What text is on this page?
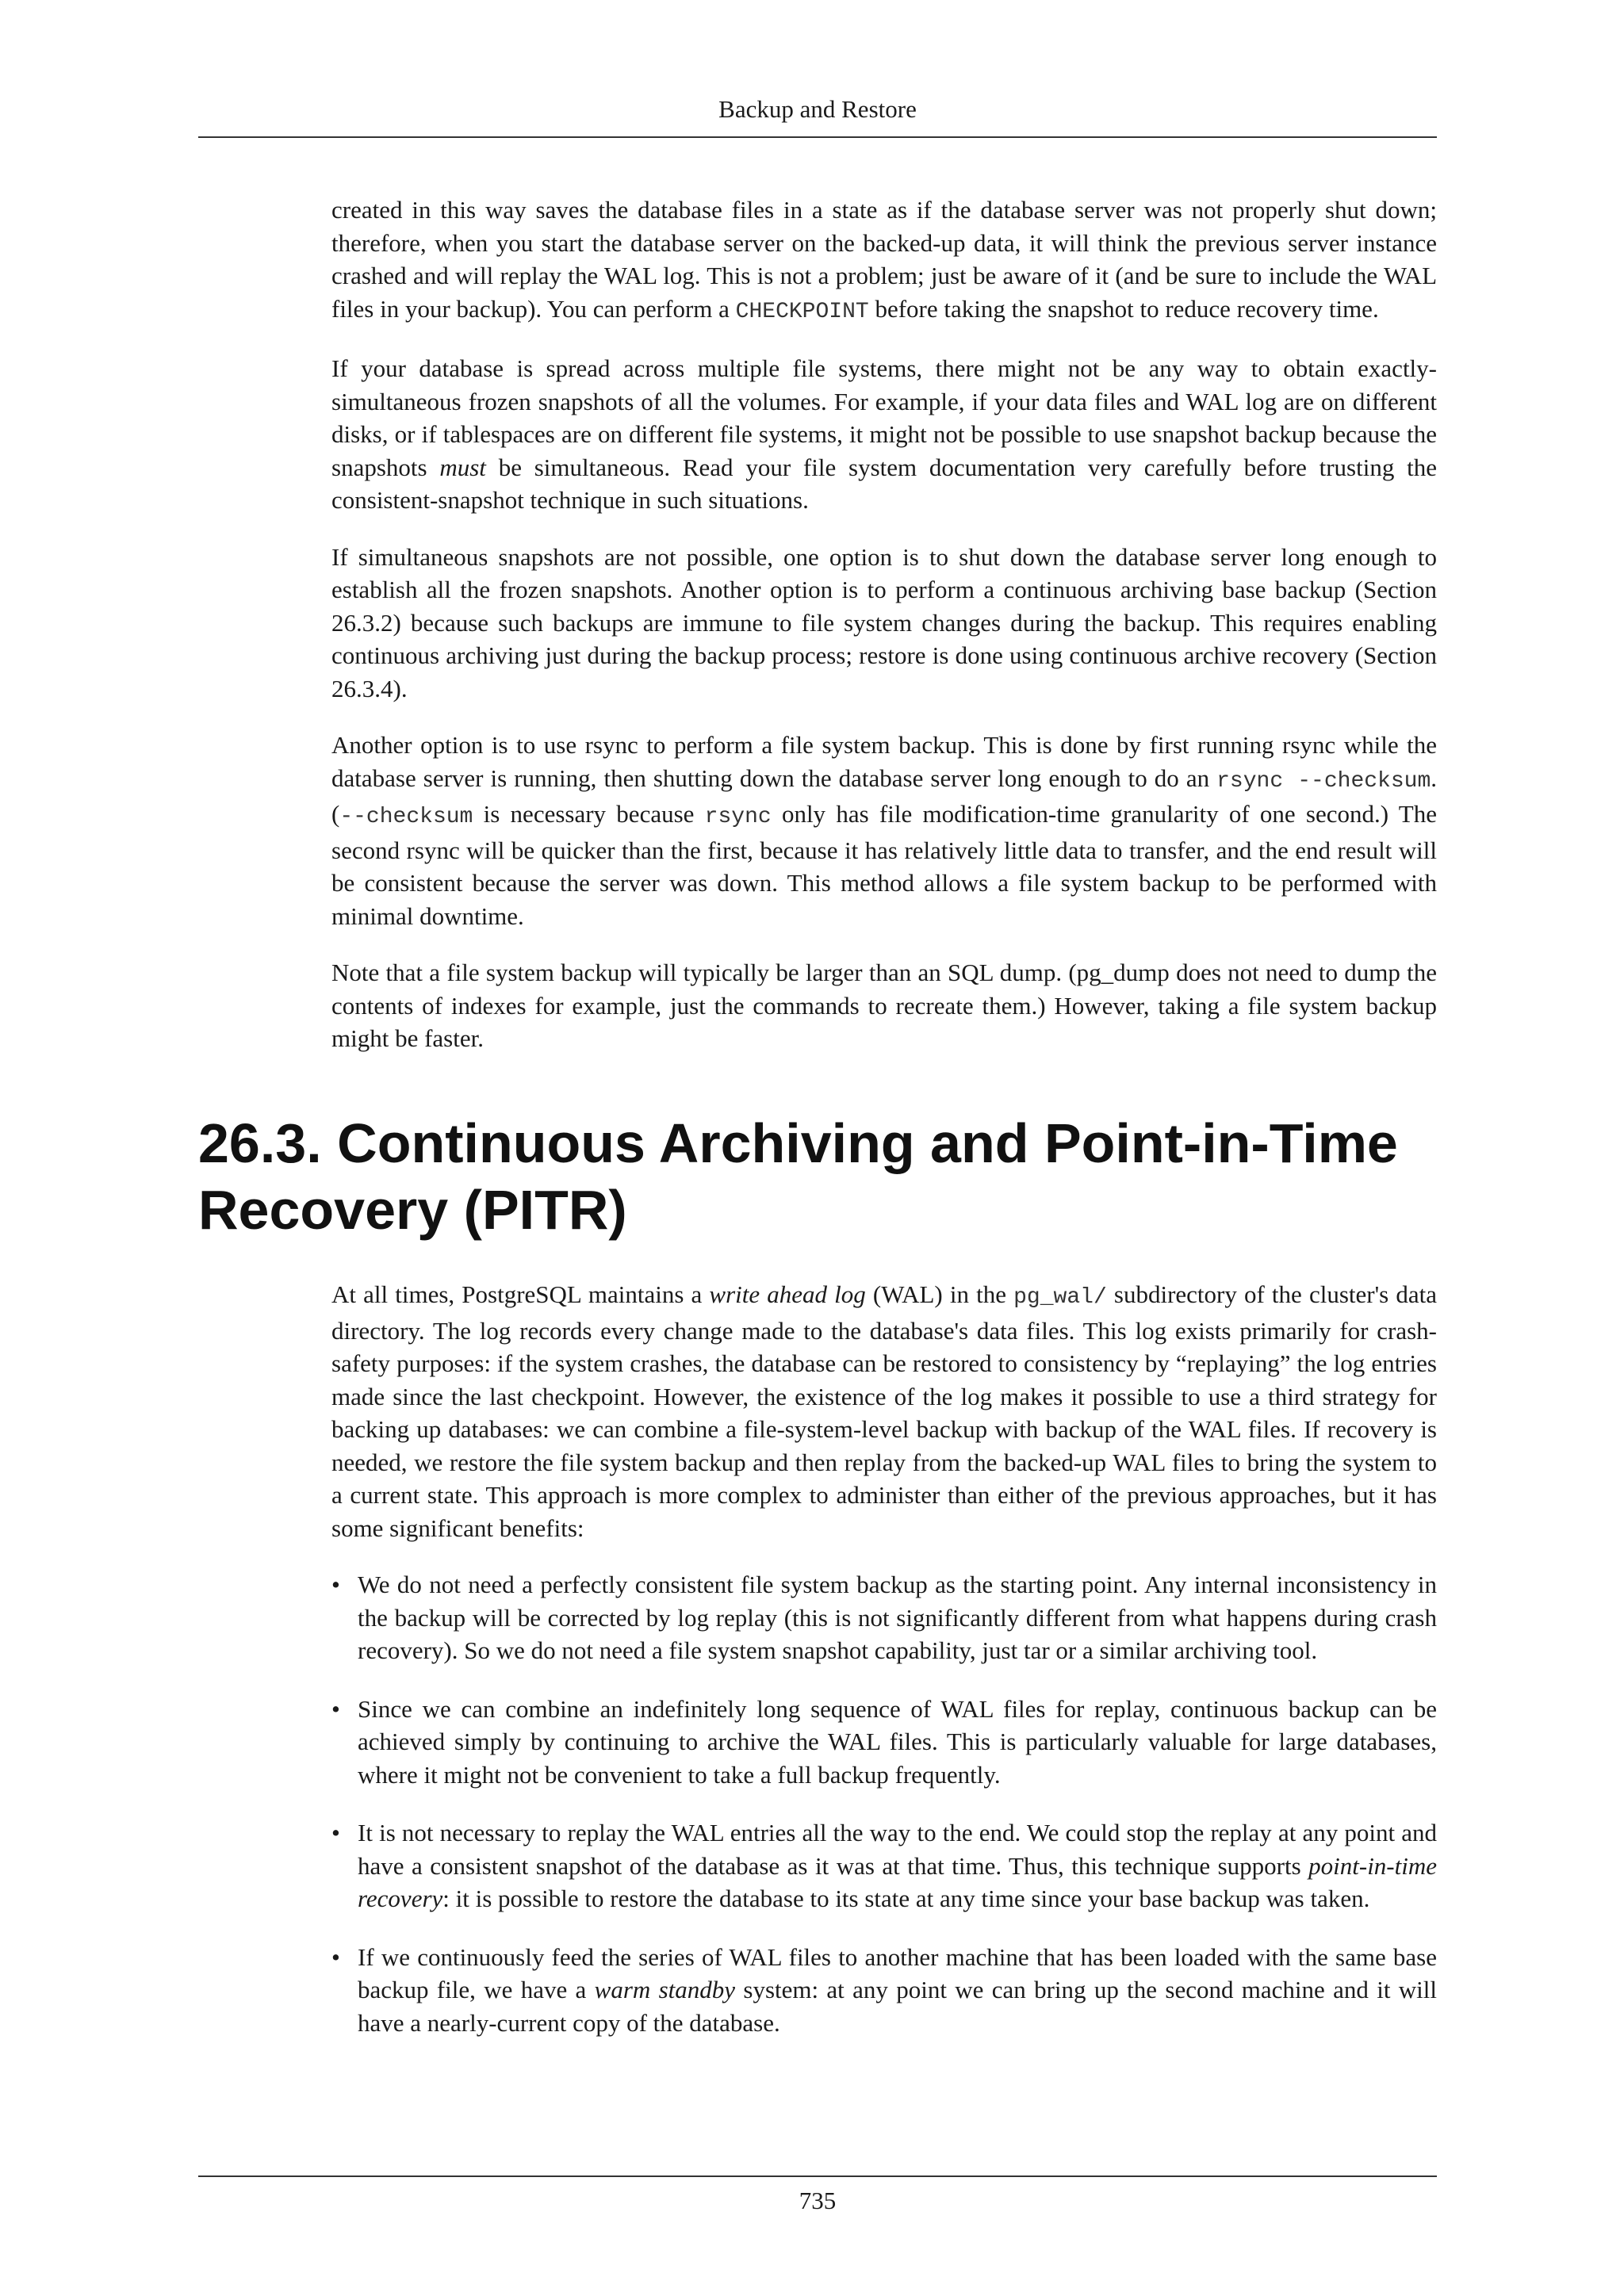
Backup and Restore

created in this way saves the database files in a state as if the database server was not properly shut down; therefore, when you start the database server on the backed-up data, it will think the previous server instance crashed and will replay the WAL log. This is not a problem; just be aware of it (and be sure to include the WAL files in your backup). You can perform a CHECKPOINT before taking the snapshot to reduce recovery time.

If your database is spread across multiple file systems, there might not be any way to obtain exactly-simultaneous frozen snapshots of all the volumes. For example, if your data files and WAL log are on different disks, or if tablespaces are on different file systems, it might not be possible to use snapshot backup because the snapshots must be simultaneous. Read your file system documentation very carefully before trusting the consistent-snapshot technique in such situations.

If simultaneous snapshots are not possible, one option is to shut down the database server long enough to establish all the frozen snapshots. Another option is to perform a continuous archiving base backup (Section 26.3.2) because such backups are immune to file system changes during the backup. This requires enabling continuous archiving just during the backup process; restore is done using continuous archive recovery (Section 26.3.4).

Another option is to use rsync to perform a file system backup. This is done by first running rsync while the database server is running, then shutting down the database server long enough to do an rsync --checksum. (--checksum is necessary because rsync only has file modification-time granularity of one second.) The second rsync will be quicker than the first, because it has relatively little data to transfer, and the end result will be consistent because the server was down. This method allows a file system backup to be performed with minimal downtime.

Note that a file system backup will typically be larger than an SQL dump. (pg_dump does not need to dump the contents of indexes for example, just the commands to recreate them.) However, taking a file system backup might be faster.

26.3. Continuous Archiving and Point-in-Time
Recovery (PITR)

At all times, PostgreSQL maintains a write ahead log (WAL) in the pg_wal/ subdirectory of the cluster's data directory. The log records every change made to the database's data files. This log exists primarily for crash-safety purposes: if the system crashes, the database can be restored to consistency by “replaying” the log entries made since the last checkpoint. However, the existence of the log makes it possible to use a third strategy for backing up databases: we can combine a file-system-level backup with backup of the WAL files. If recovery is needed, we restore the file system backup and then replay from the backed-up WAL files to bring the system to a current state. This approach is more complex to administer than either of the previous approaches, but it has some significant benefits:

• We do not need a perfectly consistent file system backup as the starting point. Any internal inconsistency in the backup will be corrected by log replay (this is not significantly different from what happens during crash recovery). So we do not need a file system snapshot capability, just tar or a similar archiving tool.
• Since we can combine an indefinitely long sequence of WAL files for replay, continuous backup can be achieved simply by continuing to archive the WAL files. This is particularly valuable for large databases, where it might not be convenient to take a full backup frequently.
• It is not necessary to replay the WAL entries all the way to the end. We could stop the replay at any point and have a consistent snapshot of the database as it was at that time. Thus, this technique supports point-in-time recovery: it is possible to restore the database to its state at any time since your base backup was taken.
• If we continuously feed the series of WAL files to another machine that has been loaded with the same base backup file, we have a warm standby system: at any point we can bring up the second machine and it will have a nearly-current copy of the database.
735
